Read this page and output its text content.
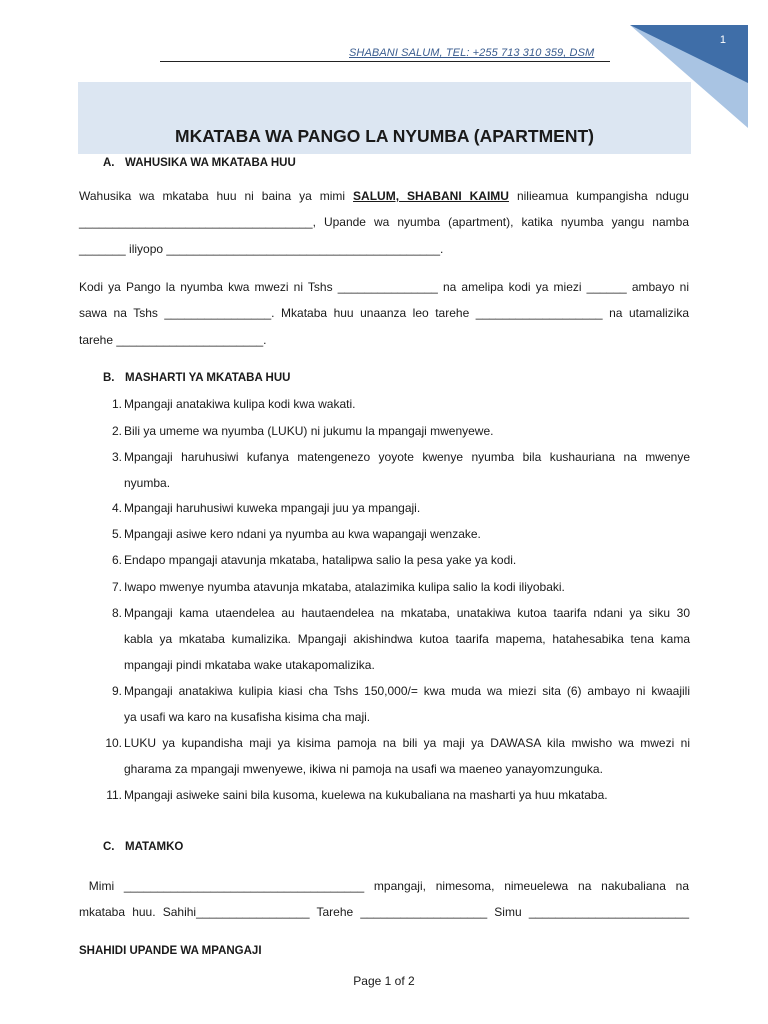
1
SHABANI SALUM, TEL: +255 713 310 359, DSM
MKATABA WA PANGO LA NYUMBA (APARTMENT)
A. WAHUSIKA WA MKATABA HUU
Wahusika wa mkataba huu ni baina ya mimi SALUM, SHABANI KAIMU nilieamua kumpangisha ndugu
___________________________________, Upande wa nyumba (apartment), katika nyumba yangu namba
_______ iliyopo _________________________________________.
Kodi ya Pango la nyumba kwa mwezi ni Tshs _______________ na amelipa kodi ya miezi ______ ambayo ni
sawa na Tshs ________________. Mkataba huu unaanza leo tarehe ___________________ na utamalizika
tarehe ______________________.
B. MASHARTI YA MKATABA HUU
1. Mpangaji anatakiwa kulipa kodi kwa wakati.
2. Bili ya umeme wa nyumba (LUKU) ni jukumu la mpangaji mwenyewe.
3. Mpangaji haruhusiwi kufanya matengenezo yoyote kwenye nyumba bila kushauriana na mwenye
nyumba.
4. Mpangaji haruhusiwi kuweka mpangaji juu ya mpangaji.
5. Mpangaji asiwe kero ndani ya nyumba au kwa wapangaji wenzake.
6. Endapo mpangaji atavunja mkataba, hatalipwa salio la pesa yake ya kodi.
7. Iwapo mwenye nyumba atavunja mkataba, atalazimika kulipa salio la kodi iliyobaki.
8. Mpangaji kama utaendelea au hautaendelea na mkataba, unatakiwa kutoa taarifa ndani ya siku 30
kabla ya mkataba kumalizika. Mpangaji akishindwa kutoa taarifa mapema, hatahesabika tena kama
mpangaji pindi mkataba wake utakapomalizika.
9. Mpangaji anatakiwa kulipia kiasi cha Tshs 150,000/= kwa muda wa miezi sita (6) ambayo ni kwaajili
ya usafi wa karo na kusafisha kisima cha maji.
10. LUKU ya kupandisha maji ya kisima pamoja na bili ya maji ya DAWASA kila mwisho wa mwezi ni
gharama za mpangaji mwenyewe, ikiwa ni pamoja na usafi wa maeneo yanayomzunguka.
11. Mpangaji asiweke saini bila kusoma, kuelewa na kukubaliana na masharti ya huu mkataba.
C. MATAMKO
Mimi ____________________________________ mpangaji, nimesoma, nimeuelewa na nakubaliana na
mkataba huu. Sahihi_________________ Tarehe ___________________ Simu ________________________
SHAHIDI UPANDE WA MPANGAJI
Page 1 of 2
